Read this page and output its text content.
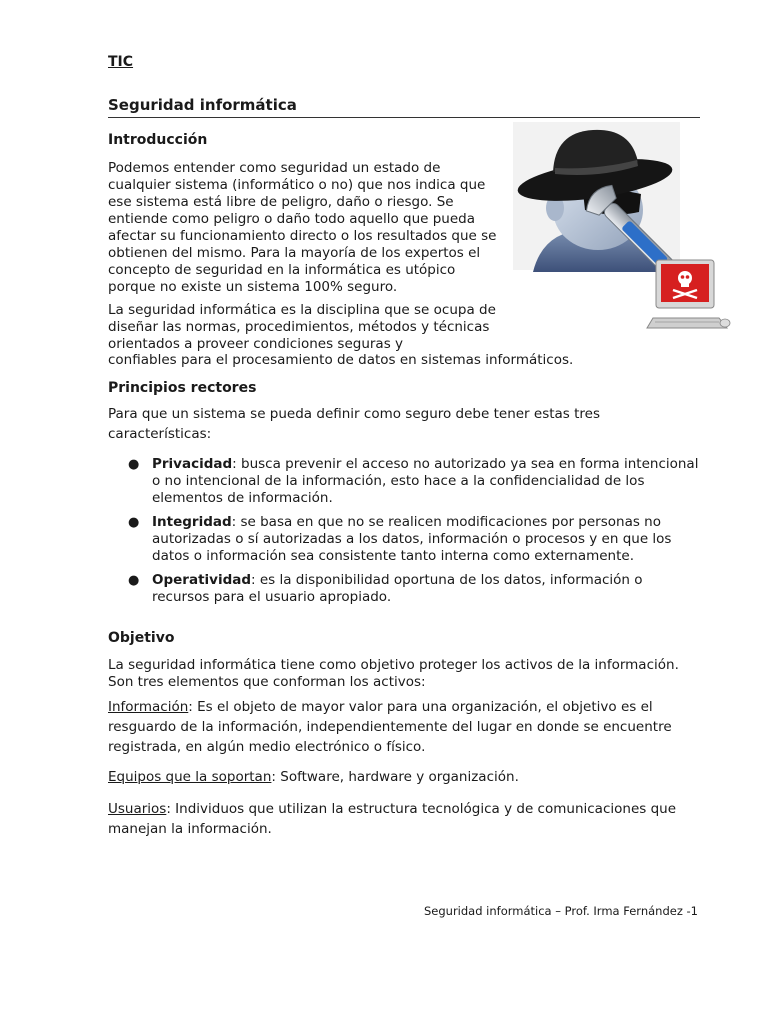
TIC

Seguridad informática
Introducción

Podemos entender como seguridad un estado de cualquier sistema (informático o no) que nos indica que ese sistema está libre de peligro, daño o riesgo. Se entiende como peligro o daño todo aquello que pueda afectar su funcionamiento directo o los resultados que se obtienen del mismo. Para la mayoría de los expertos el concepto de seguridad en la informática es utópico porque no existe un sistema 100% seguro.

La seguridad informática es la disciplina que se ocupa de diseñar las normas, procedimientos, métodos y técnicas orientados a proveer condiciones seguras y

confiables para el procesamiento de datos en sistemas informáticos.

Principios rectores

Para que un sistema se pueda definir como seguro debe tener estas tres características:

● Privacidad: busca prevenir el acceso no autorizado ya sea en forma intencional o no intencional de la información, esto hace a la confidencialidad de los elementos de información.
● Integridad: se basa en que no se realicen modificaciones por personas no autorizadas o sí autorizadas a los datos, información o procesos y en que los datos o información sea consistente tanto interna como externamente.
● Operatividad: es la disponibilidad oportuna de los datos, información o recursos para el usuario apropiado.
Objetivo

La seguridad informática tiene como objetivo proteger los activos de la información. Son tres elementos que conforman los activos:

Información: Es el objeto de mayor valor para una organización, el objetivo es el resguardo de la información, independientemente del lugar en donde se encuentre registrada, en algún medio electrónico o físico.

Equipos que la soportan: Software, hardware y organización.

Usuarios: Individuos que utilizan la estructura tecnológica y de comunicaciones que manejan la información.

Seguridad informática – Prof. Irma Fernández -1
